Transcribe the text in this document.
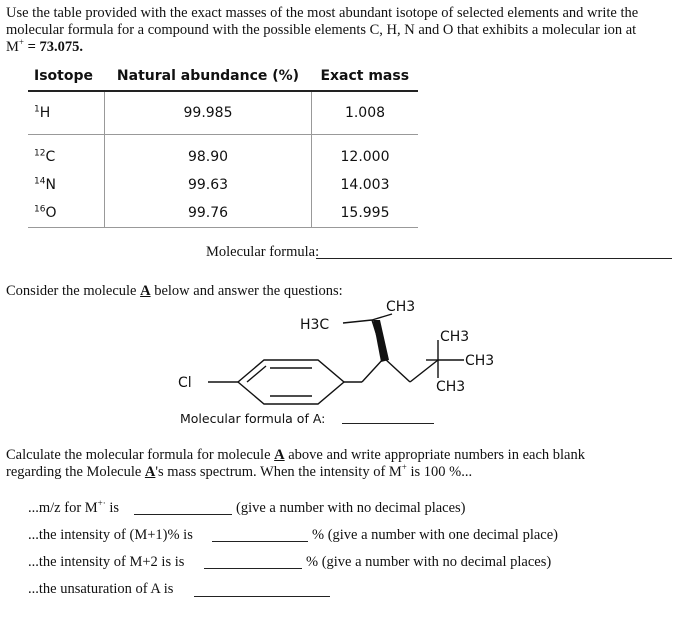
Use the table provided with the exact masses of the most abundant isotope of selected elements and write the
molecular formula for a compound with the possible elements C, H, N and O that exhibits a molecular ion at
M+ = 73.075.
Isotope	Natural abundance (%)	Exact mass
$^1$H	99.985	1.008
$^{12}$C	98.90	12.000
$^{14}$N	99.63	14.003
$^{16}$O	99.76	15.995
Molecular formula:
Consider the molecule A below and answer the questions:
Cl
CH3
H3C
CH3
CH3
CH3
Molecular formula of A:
Calculate the molecular formula for molecule A above and write appropriate numbers in each blank
regarding the Molecule A's mass spectrum. When the intensity of M+ is 100 %...
...m/z for M+· is	(give a number with no decimal places)
...the intensity of (M+1)% is	% (give a number with one decimal place)
...the intensity of M+2 is is	% (give a number with no decimal places)
...the unsaturation of A is
